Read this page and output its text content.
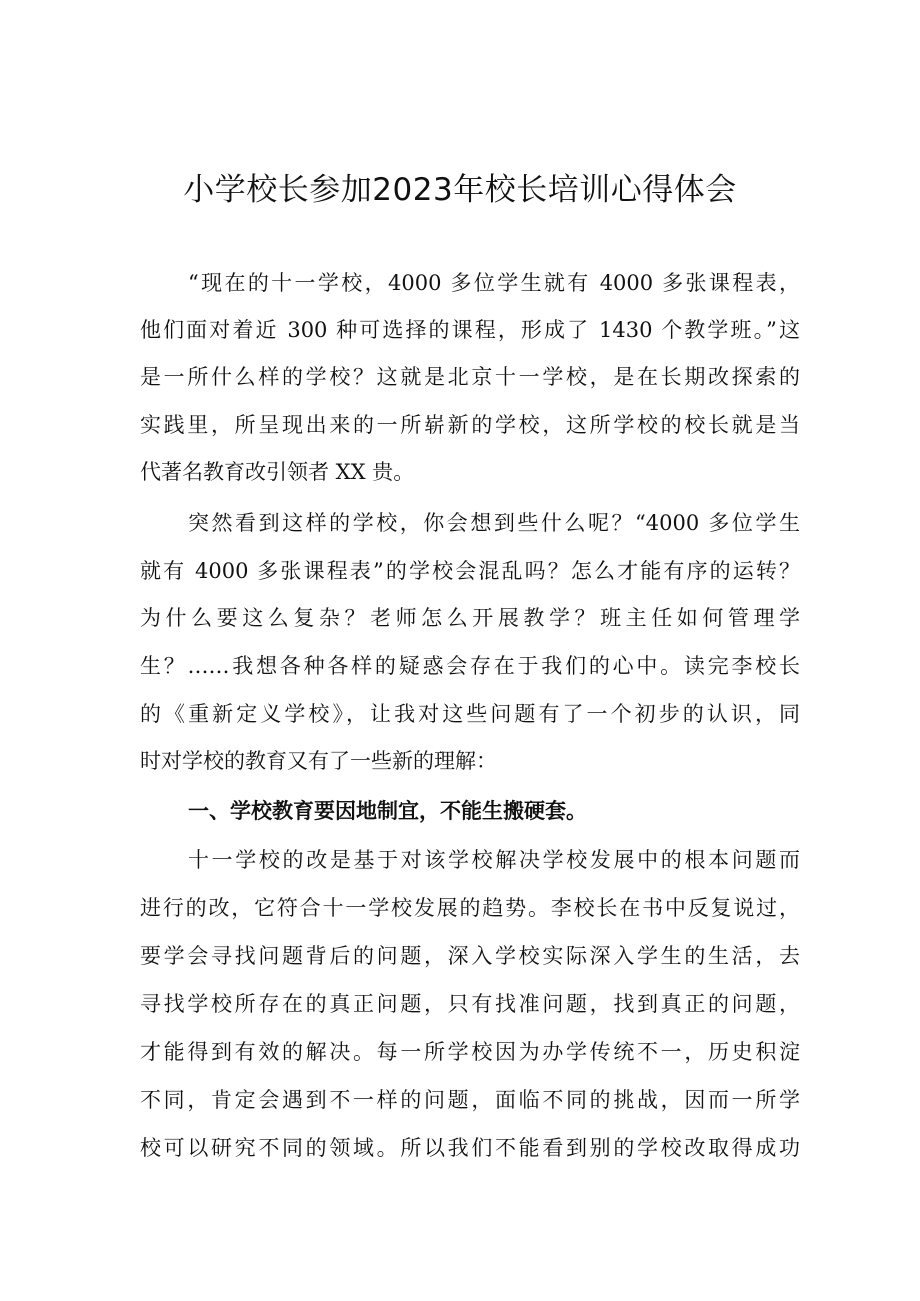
小学校长参加2023年校长培训心得体会
“现在的十一学校，4000 多位学生就有 4000 多张课程表，
他们面对着近 300 种可选择的课程，形成了 1430 个教学班。”这
是一所什么样的学校？这就是北京十一学校，是在长期改探索的
实践里，所呈现出来的一所崭新的学校，这所学校的校长就是当
代著名教育改引领者 XX 贵。
突然看到这样的学校，你会想到些什么呢？“4000 多位学生
就有 4000 多张课程表”的学校会混乱吗？怎么才能有序的运转？
为什么要这么复杂？老师怎么开展教学？班主任如何管理学
生？……我想各种各样的疑惑会存在于我们的心中。读完李校长
的《重新定义学校》，让我对这些问题有了一个初步的认识，同
时对学校的教育又有了一些新的理解：
一、学校教育要因地制宜，不能生搬硬套。
十一学校的改是基于对该学校解决学校发展中的根本问题而
进行的改，它符合十一学校发展的趋势。李校长在书中反复说过，
要学会寻找问题背后的问题，深入学校实际深入学生的生活，去
寻找学校所存在的真正问题，只有找准问题，找到真正的问题，
才能得到有效的解决。每一所学校因为办学传统不一，历史积淀
不同，肯定会遇到不一样的问题，面临不同的挑战，因而一所学
校可以研究不同的领域。所以我们不能看到别的学校改取得成功
